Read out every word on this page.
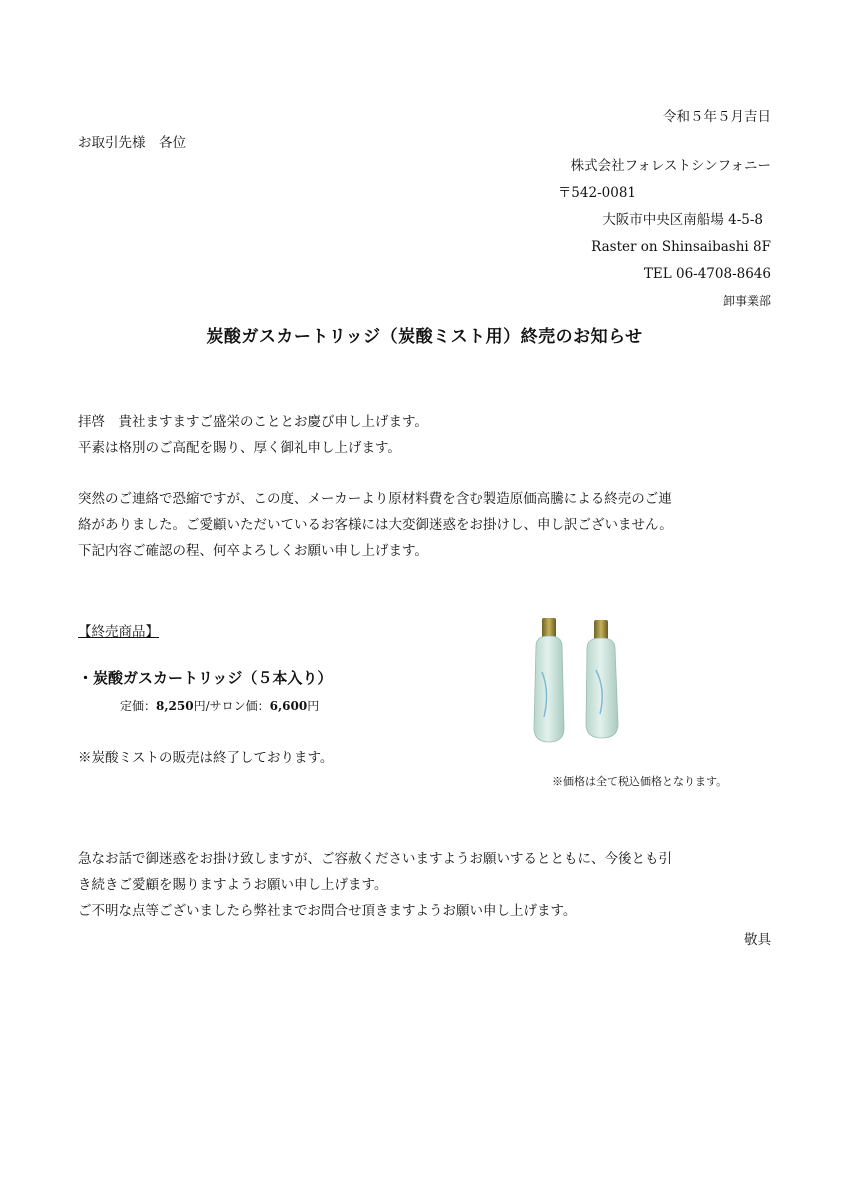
令和５年５月吉日
お取引先様　各位
株式会社フォレストシンフォニー
〒542-0081
大阪市中央区南船場 4-5-8
Raster on Shinsaibashi 8F
TEL 06-4708-8646
卸事業部
炭酸ガスカートリッジ（炭酸ミスト用）終売のお知らせ
拝啓　貴社ますますご盛栄のこととお慶び申し上げます。
平素は格別のご高配を賜り、厚く御礼申し上げます。
突然のご連絡で恐縮ですが、この度、メーカーより原材料費を含む製造原価高騰による終売のご連
絡がありました。ご愛顧いただいているお客様には大変御迷惑をお掛けし、申し訳ございません。
下記内容ご確認の程、何卒よろしくお願い申し上げます。
【終売商品】
・炭酸ガスカートリッジ（５本入り）
定価：8,250円/サロン価：6,600円
※炭酸ミストの販売は終了しております。
※価格は全て税込価格となります。
急なお話で御迷惑をお掛け致しますが、ご容赦くださいますようお願いするとともに、今後とも引
き続きご愛顧を賜りますようお願い申し上げます。
ご不明な点等ございましたら弊社までお問合せ頂きますようお願い申し上げます。
敬具
